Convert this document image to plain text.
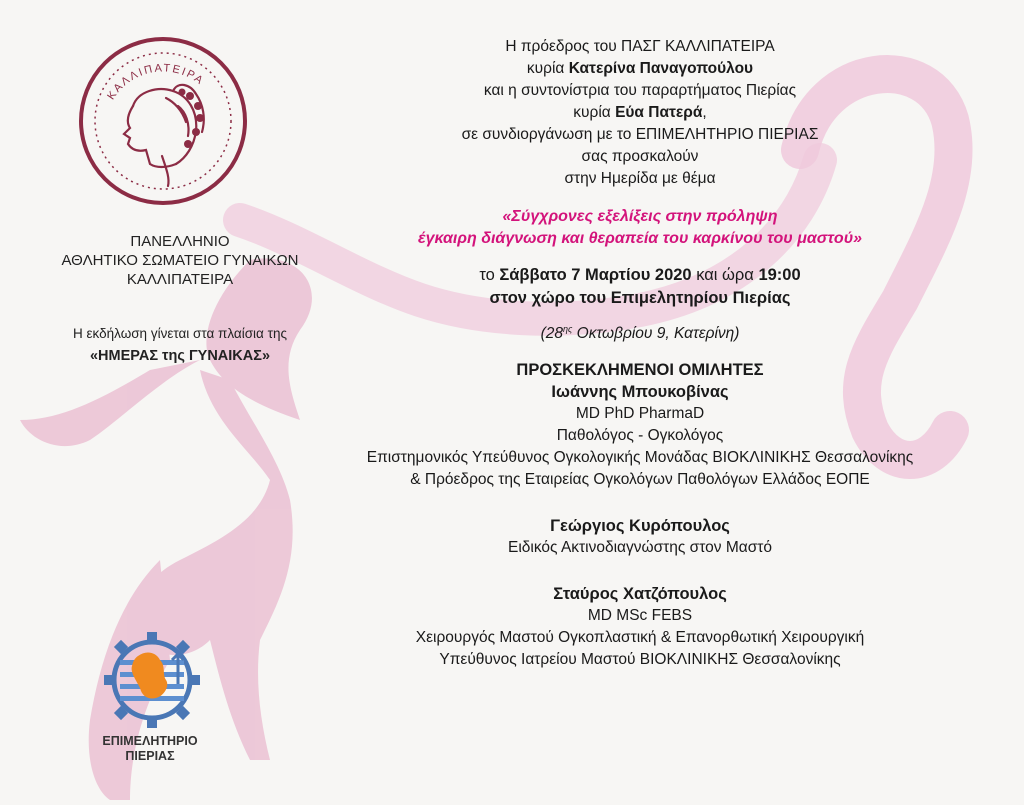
ΚΑΛΛΙΠΑΤΕΙΡΑ

ΠΑΝΕΛΛΗΝΙΟ
ΑΘΛΗΤΙΚΟ ΣΩΜΑΤΕΙΟ ΓΥΝΑΙΚΩΝ
ΚΑΛΛΙΠΑΤΕΙΡΑ

Η εκδήλωση γίνεται στα πλαίσια της
«ΗΜΕΡΑΣ της ΓΥΝΑΙΚΑΣ»
ΕΠΙΜΕΛΗΤΗΡΙΟ
ΠΙΕΡΙΑΣ

Η πρόεδρος του ΠΑΣΓ ΚΑΛΛΙΠΑΤΕΙΡΑ

κυρία Κατερίνα Παναγοπούλου

και η συντονίστρια του παραρτήματος Πιερίας

κυρία Εύα Πατερά,

σε συνδιοργάνωση με το ΕΠΙΜΕΛΗΤΗΡΙΟ ΠΙΕΡΙΑΣ

σας προσκαλούν

στην Ημερίδα με θέμα

«Σύγχρονες εξελίξεις στην πρόληψη
έγκαιρη διάγνωση και θεραπεία του καρκίνου του μαστού»

το Σάββατο 7 Μαρτίου 2020 και ώρα 19:00
στον χώρο του Επιμελητηρίου Πιερίας

($28^{\eta\varsigma}$ Οκτωβρίου 9, Κατερίνη)

ΠΡΟΣΚΕΚΛΗΜΕΝΟΙ ΟΜΙΛΗΤΕΣ

Ιωάννης Μπουκοβίνας

MD PhD PharmaD

Παθολόγος - Ογκολόγος

Επιστημονικός Υπεύθυνος Ογκολογικής Μονάδας ΒΙΟΚΛΙΝΙΚΗΣ Θεσσαλονίκης

& Πρόεδρος της Εταιρείας Ογκολόγων Παθολόγων Ελλάδος ΕΟΠΕ

Γεώργιος Κυρόπουλος

Ειδικός Ακτινοδιαγνώστης στον Μαστό

Σταύρος Χατζόπουλος

MD MSc FEBS

Χειρουργός Μαστού Ογκοπλαστική & Επανορθωτική Χειρουργική

Υπεύθυνος Ιατρείου Μαστού ΒΙΟΚΛΙΝΙΚΗΣ Θεσσαλονίκης
